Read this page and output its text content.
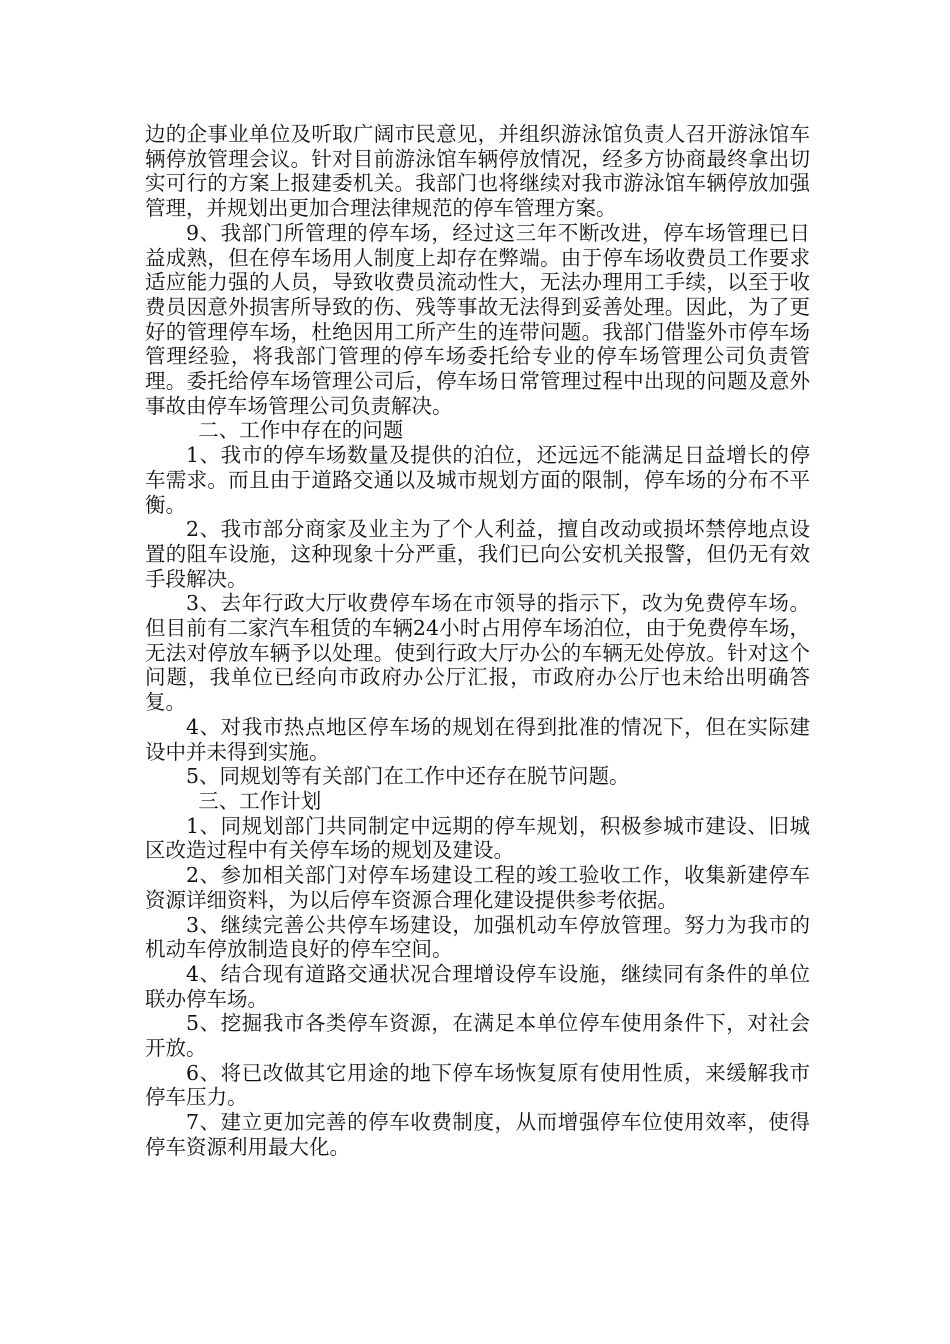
边的企事业单位及听取广阔市民意见，并组织游泳馆负责人召开游泳馆车辆停放管理会议。针对目前游泳馆车辆停放情况，经多方协商最终拿出切实可行的方案上报建委机关。我部门也将继续对我市游泳馆车辆停放加强管理，并规划出更加合理法律规范的停车管理方案。

9、我部门所管理的停车场，经过这三年不断改进，停车场管理已日益成熟，但在停车场用人制度上却存在弊端。由于停车场收费员工作要求适应能力强的人员，导致收费员流动性大，无法办理用工手续，以至于收费员因意外损害所导致的伤、残等事故无法得到妥善处理。因此，为了更好的管理停车场，杜绝因用工所产生的连带问题。我部门借鉴外市停车场管理经验，将我部门管理的停车场委托给专业的停车场管理公司负责管理。委托给停车场管理公司后，停车场日常管理过程中出现的问题及意外事故由停车场管理公司负责解决。

二、工作中存在的问题

1、我市的停车场数量及提供的泊位，还远远不能满足日益增长的停车需求。而且由于道路交通以及城市规划方面的限制，停车场的分布不平衡。

2、我市部分商家及业主为了个人利益，擅自改动或损坏禁停地点设置的阻车设施，这种现象十分严重，我们已向公安机关报警，但仍无有效手段解决。

3、去年行政大厅收费停车场在市领导的指示下，改为免费停车场。但目前有二家汽车租赁的车辆24小时占用停车场泊位，由于免费停车场，无法对停放车辆予以处理。使到行政大厅办公的车辆无处停放。针对这个问题，我单位已经向市政府办公厅汇报，市政府办公厅也未给出明确答复。

4、对我市热点地区停车场的规划在得到批准的情况下，但在实际建设中并未得到实施。

5、同规划等有关部门在工作中还存在脱节问题。

三、工作计划

1、同规划部门共同制定中远期的停车规划，积极参城市建设、旧城区改造过程中有关停车场的规划及建设。

2、参加相关部门对停车场建设工程的竣工验收工作，收集新建停车资源详细资料，为以后停车资源合理化建设提供参考依据。

3、继续完善公共停车场建设，加强机动车停放管理。努力为我市的机动车停放制造良好的停车空间。

4、结合现有道路交通状况合理增设停车设施，继续同有条件的单位联办停车场。

5、挖掘我市各类停车资源，在满足本单位停车使用条件下，对社会开放。

6、将已改做其它用途的地下停车场恢复原有使用性质，来缓解我市停车压力。

7、建立更加完善的停车收费制度，从而增强停车位使用效率，使得停车资源利用最大化。
